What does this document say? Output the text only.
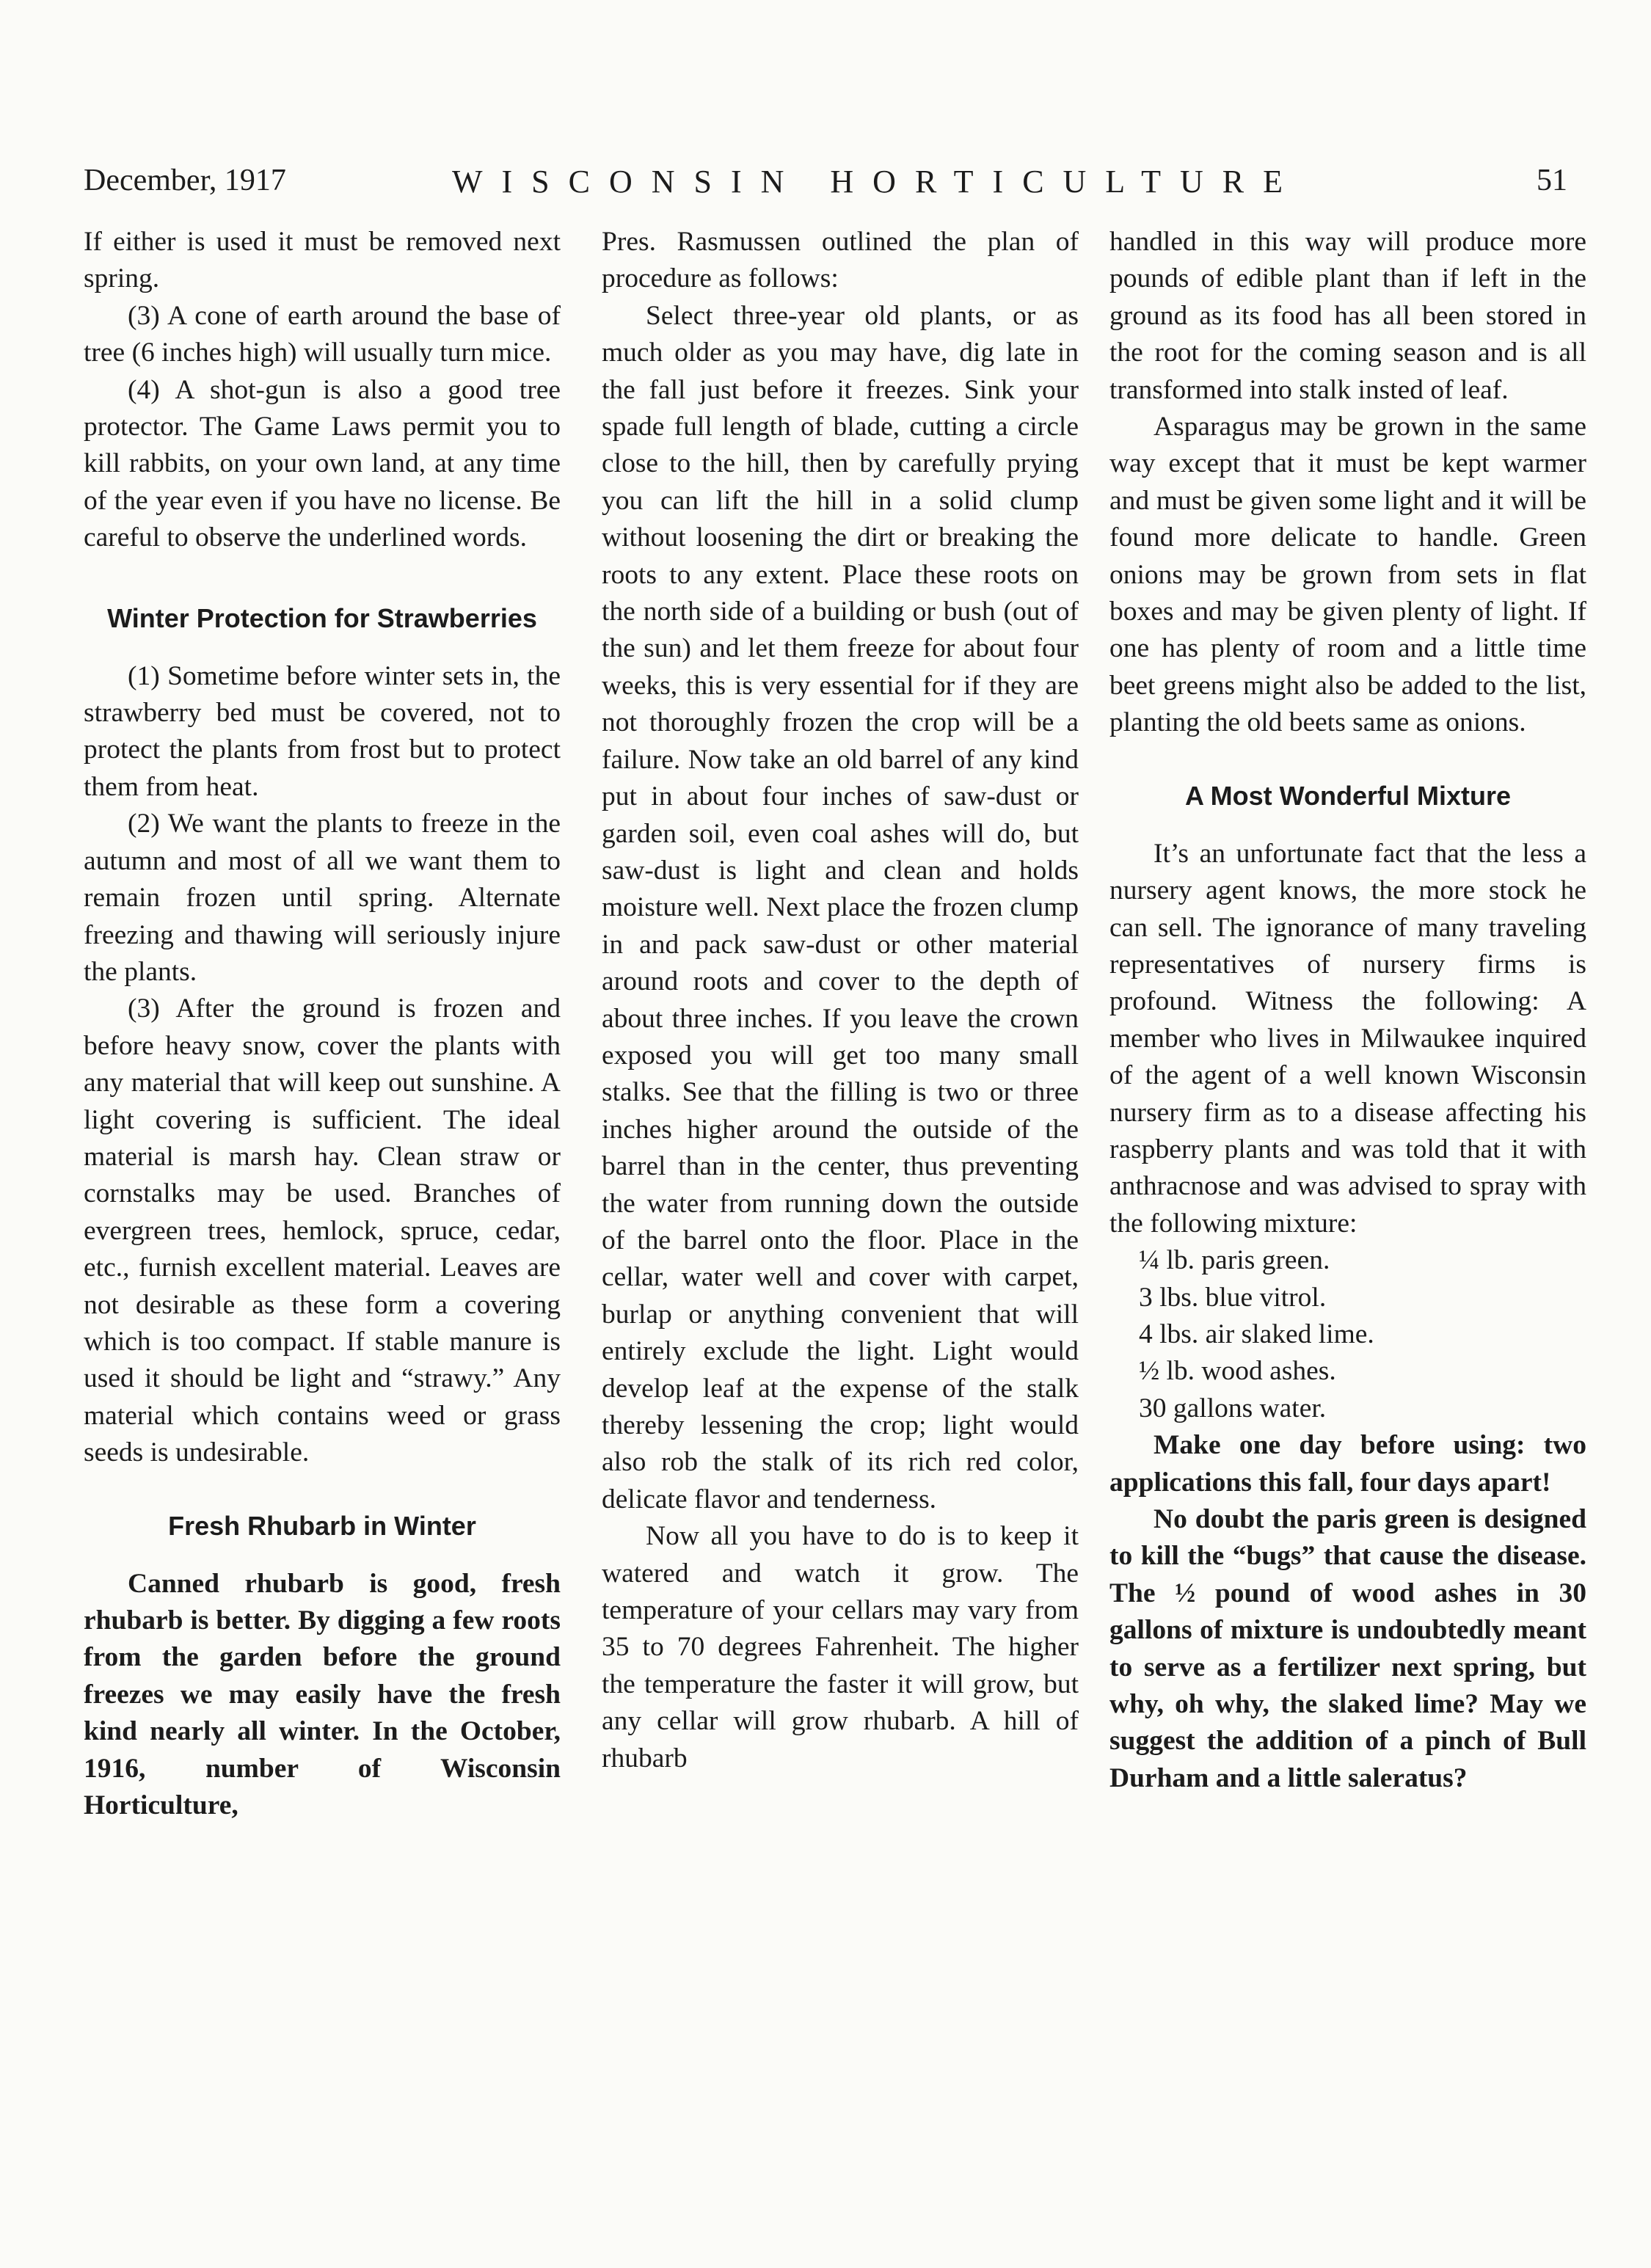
December, 1917	WISCONSIN HORTICULTURE	51

If either is used it must be removed next spring.

(3) A cone of earth around the base of tree (6 inches high) will usually turn mice.

(4) A shot-gun is also a good tree protector. The Game Laws permit you to kill rabbits, on your own land, at any time of the year even if you have no license. Be careful to observe the underlined words.

Winter Protection for Strawberries

(1) Sometime before winter sets in, the strawberry bed must be covered, not to protect the plants from frost but to protect them from heat.

(2) We want the plants to freeze in the autumn and most of all we want them to remain frozen until spring. Alternate freezing and thawing will seriously injure the plants.

(3) After the ground is frozen and before heavy snow, cover the plants with any material that will keep out sunshine. A light covering is sufficient. The ideal material is marsh hay. Clean straw or cornstalks may be used. Branches of evergreen trees, hemlock, spruce, cedar, etc., furnish excellent material. Leaves are not desirable as these form a covering which is too compact. If stable manure is used it should be light and “strawy.” Any material which contains weed or grass seeds is undesirable.

Fresh Rhubarb in Winter

Canned rhubarb is good, fresh rhubarb is better. By digging a few roots from the garden before the ground freezes we may easily have the fresh kind nearly all winter. In the October, 1916, number of Wisconsin Horticulture,

Pres. Rasmussen outlined the plan of procedure as follows:

Select three-year old plants, or as much older as you may have, dig late in the fall just before it freezes. Sink your spade full length of blade, cutting a circle close to the hill, then by carefully prying you can lift the hill in a solid clump without loosening the dirt or breaking the roots to any extent. Place these roots on the north side of a building or bush (out of the sun) and let them freeze for about four weeks, this is very essential for if they are not thoroughly frozen the crop will be a failure. Now take an old barrel of any kind put in about four inches of saw-dust or garden soil, even coal ashes will do, but saw-dust is light and clean and holds moisture well. Next place the frozen clump in and pack saw-dust or other material around roots and cover to the depth of about three inches. If you leave the crown exposed you will get too many small stalks. See that the filling is two or three inches higher around the outside of the barrel than in the center, thus preventing the water from running down the outside of the barrel onto the floor. Place in the cellar, water well and cover with carpet, burlap or anything convenient that will entirely exclude the light. Light would develop leaf at the expense of the stalk thereby lessening the crop; light would also rob the stalk of its rich red color, delicate flavor and tenderness.

Now all you have to do is to keep it watered and watch it grow. The temperature of your cellars may vary from 35 to 70 degrees Fahrenheit. The higher the temperature the faster it will grow, but any cellar will grow rhubarb. A hill of rhubarb

handled in this way will produce more pounds of edible plant than if left in the ground as its food has all been stored in the root for the coming season and is all transformed into stalk insted of leaf.

Asparagus may be grown in the same way except that it must be kept warmer and must be given some light and it will be found more delicate to handle. Green onions may be grown from sets in flat boxes and may be given plenty of light. If one has plenty of room and a little time beet greens might also be added to the list, planting the old beets same as onions.

A Most Wonderful Mixture

It’s an unfortunate fact that the less a nursery agent knows, the more stock he can sell. The ignorance of many traveling representatives of nursery firms is profound. Witness the following: A member who lives in Milwaukee inquired of the agent of a well known Wisconsin nursery firm as to a disease affecting his raspberry plants and was told that it with anthracnose and was advised to spray with the following mixture:

¼ lb. paris green.
3 lbs. blue vitrol.
4 lbs. air slaked lime.
½ lb. wood ashes.
30 gallons water.

Make one day before using: two applications this fall, four days apart!

No doubt the paris green is designed to kill the “bugs” that cause the disease. The ½ pound of wood ashes in 30 gallons of mixture is undoubtedly meant to serve as a fertilizer next spring, but why, oh why, the slaked lime? May we suggest the addition of a pinch of Bull Durham and a little saleratus?
